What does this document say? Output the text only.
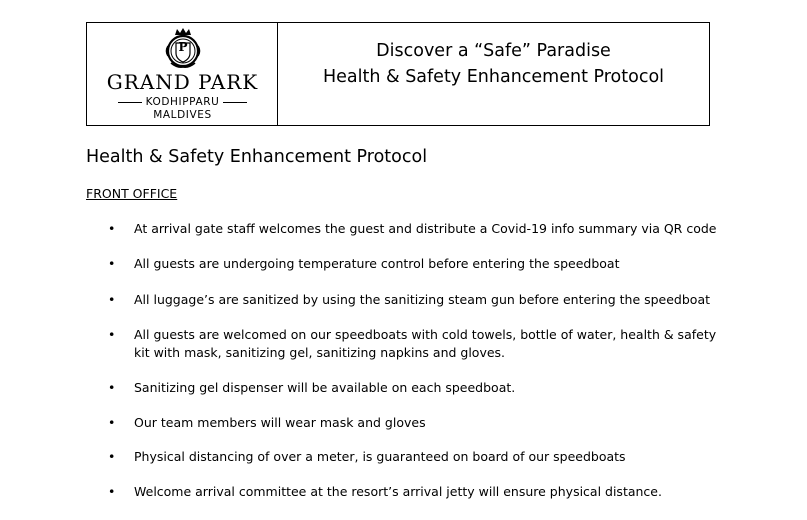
P
GRAND PARK
KODHIPPARU
MALDIVES
Discover a “Safe” Paradise
Health & Safety Enhancement Protocol
Health & Safety Enhancement Protocol
FRONT OFFICE
•	At arrival gate staff welcomes the guest and distribute a Covid-19 info summary via QR code
•	All guests are undergoing temperature control before entering the speedboat
•	All luggage’s are sanitized by using the sanitizing steam gun before entering the speedboat
•	All guests are welcomed on our speedboats with cold towels, bottle of water, health & safety kit with mask, sanitizing gel, sanitizing napkins and gloves.
•	Sanitizing gel dispenser will be available on each speedboat.
•	Our team members will wear mask and gloves
•	Physical distancing of over a meter, is guaranteed on board of our speedboats
•	Welcome arrival committee at the resort’s arrival jetty will ensure physical distance.
